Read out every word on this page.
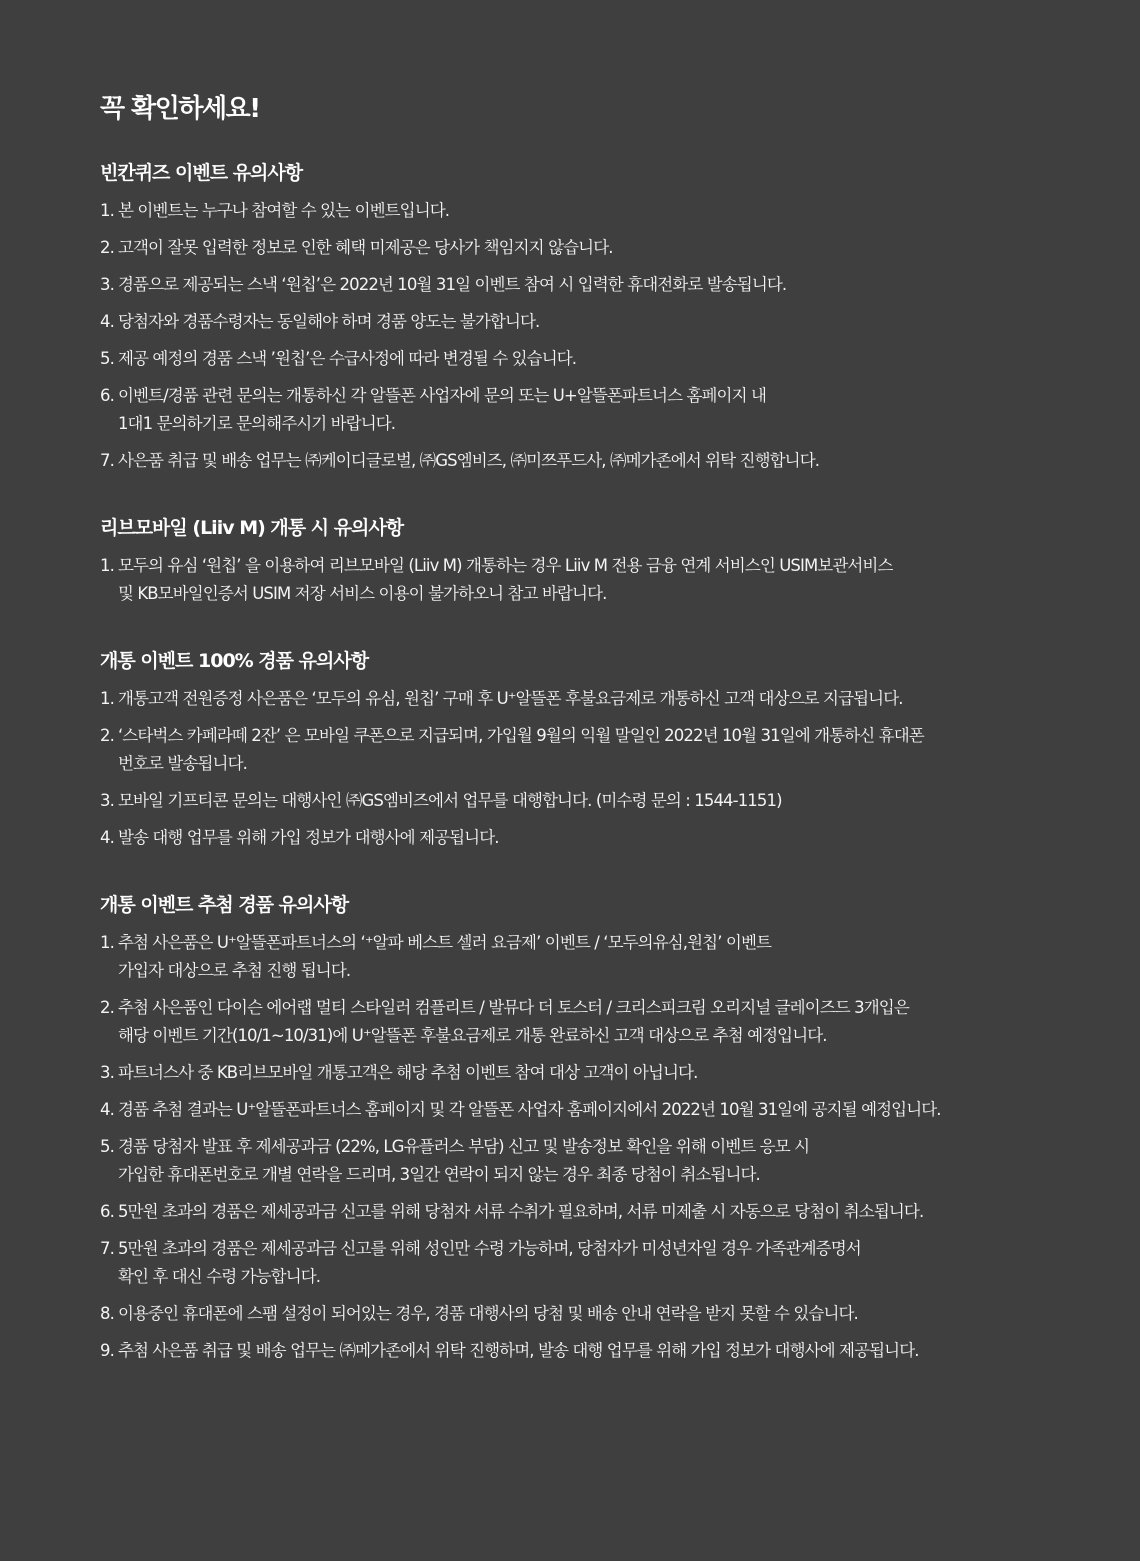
꼭 확인하세요!
빈칸퀴즈 이벤트 유의사항
1. 본 이벤트는 누구나 참여할 수 있는 이벤트입니다.
2. 고객이 잘못 입력한 정보로 인한 혜택 미제공은 당사가 책임지지 않습니다.
3. 경품으로 제공되는 스낵 ‘원칩’은 2022년 10월 31일 이벤트 참여 시 입력한 휴대전화로 발송됩니다.
4. 당첨자와 경품수령자는 동일해야 하며 경품 양도는 불가합니다.
5. 제공 예정의 경품 스낵 ’원칩’은 수급사정에 따라 변경될 수 있습니다.
6. 이벤트/경품 관련 문의는 개통하신 각 알뜰폰 사업자에 문의 또는 U+알뜰폰파트너스 홈페이지 내
1대1 문의하기로 문의해주시기 바랍니다.
7. 사은품 취급 및 배송 업무는 ㈜케이디글로벌, ㈜GS엠비즈, ㈜미쯔푸드사, ㈜메가존에서 위탁 진행합니다.
리브모바일 (Liiv M) 개통 시 유의사항
1. 모두의 유심 ‘원칩’ 을 이용하여 리브모바일 (Liiv M) 개통하는 경우 Liiv M 전용 금융 연계 서비스인 USIM보관서비스
및 KB모바일인증서 USIM 저장 서비스 이용이 불가하오니 참고 바랍니다.
개통 이벤트 100% 경품 유의사항
1. 개통고객 전원증정 사은품은 ‘모두의 유심, 원칩’ 구매 후 U⁺알뜰폰 후불요금제로 개통하신 고객 대상으로 지급됩니다.
2. ‘스타벅스 카페라떼 2잔’ 은 모바일 쿠폰으로 지급되며, 가입월 9월의 익월 말일인 2022년 10월 31일에 개통하신 휴대폰
번호로 발송됩니다.
3. 모바일 기프티콘 문의는 대행사인 ㈜GS엠비즈에서 업무를 대행합니다. (미수령 문의 : 1544-1151)
4. 발송 대행 업무를 위해 가입 정보가 대행사에 제공됩니다.
개통 이벤트 추첨 경품 유의사항
1. 추첨 사은품은 U⁺알뜰폰파트너스의 ‘⁺알파 베스트 셀러 요금제’ 이벤트 / ‘모두의유심,원칩’ 이벤트
가입자 대상으로 추첨 진행 됩니다.
2. 추첨 사은품인 다이슨 에어랩 멀티 스타일러 컴플리트 / 발뮤다 더 토스터 / 크리스피크림 오리지널 글레이즈드 3개입은
해당 이벤트 기간(10/1~10/31)에 U⁺알뜰폰 후불요금제로 개통 완료하신 고객 대상으로 추첨 예정입니다.
3. 파트너스사 중 KB리브모바일 개통고객은 해당 추첨 이벤트 참여 대상 고객이 아닙니다.
4. 경품 추첨 결과는 U⁺알뜰폰파트너스 홈페이지 및 각 알뜰폰 사업자 홈페이지에서 2022년 10월 31일에 공지될 예정입니다.
5. 경품 당첨자 발표 후 제세공과금 (22%, LG유플러스 부담) 신고 및 발송정보 확인을 위해 이벤트 응모 시
가입한 휴대폰번호로 개별 연락을 드리며, 3일간 연락이 되지 않는 경우 최종 당첨이 취소됩니다.
6. 5만원 초과의 경품은 제세공과금 신고를 위해 당첨자 서류 수취가 필요하며, 서류 미제출 시 자동으로 당첨이 취소됩니다.
7. 5만원 초과의 경품은 제세공과금 신고를 위해 성인만 수령 가능하며, 당첨자가 미성년자일 경우 가족관계증명서
확인 후 대신 수령 가능합니다.
8. 이용중인 휴대폰에 스팸 설정이 되어있는 경우, 경품 대행사의 당첨 및 배송 안내 연락을 받지 못할 수 있습니다.
9. 추첨 사은품 취급 및 배송 업무는 ㈜메가존에서 위탁 진행하며, 발송 대행 업무를 위해 가입 정보가 대행사에 제공됩니다.
